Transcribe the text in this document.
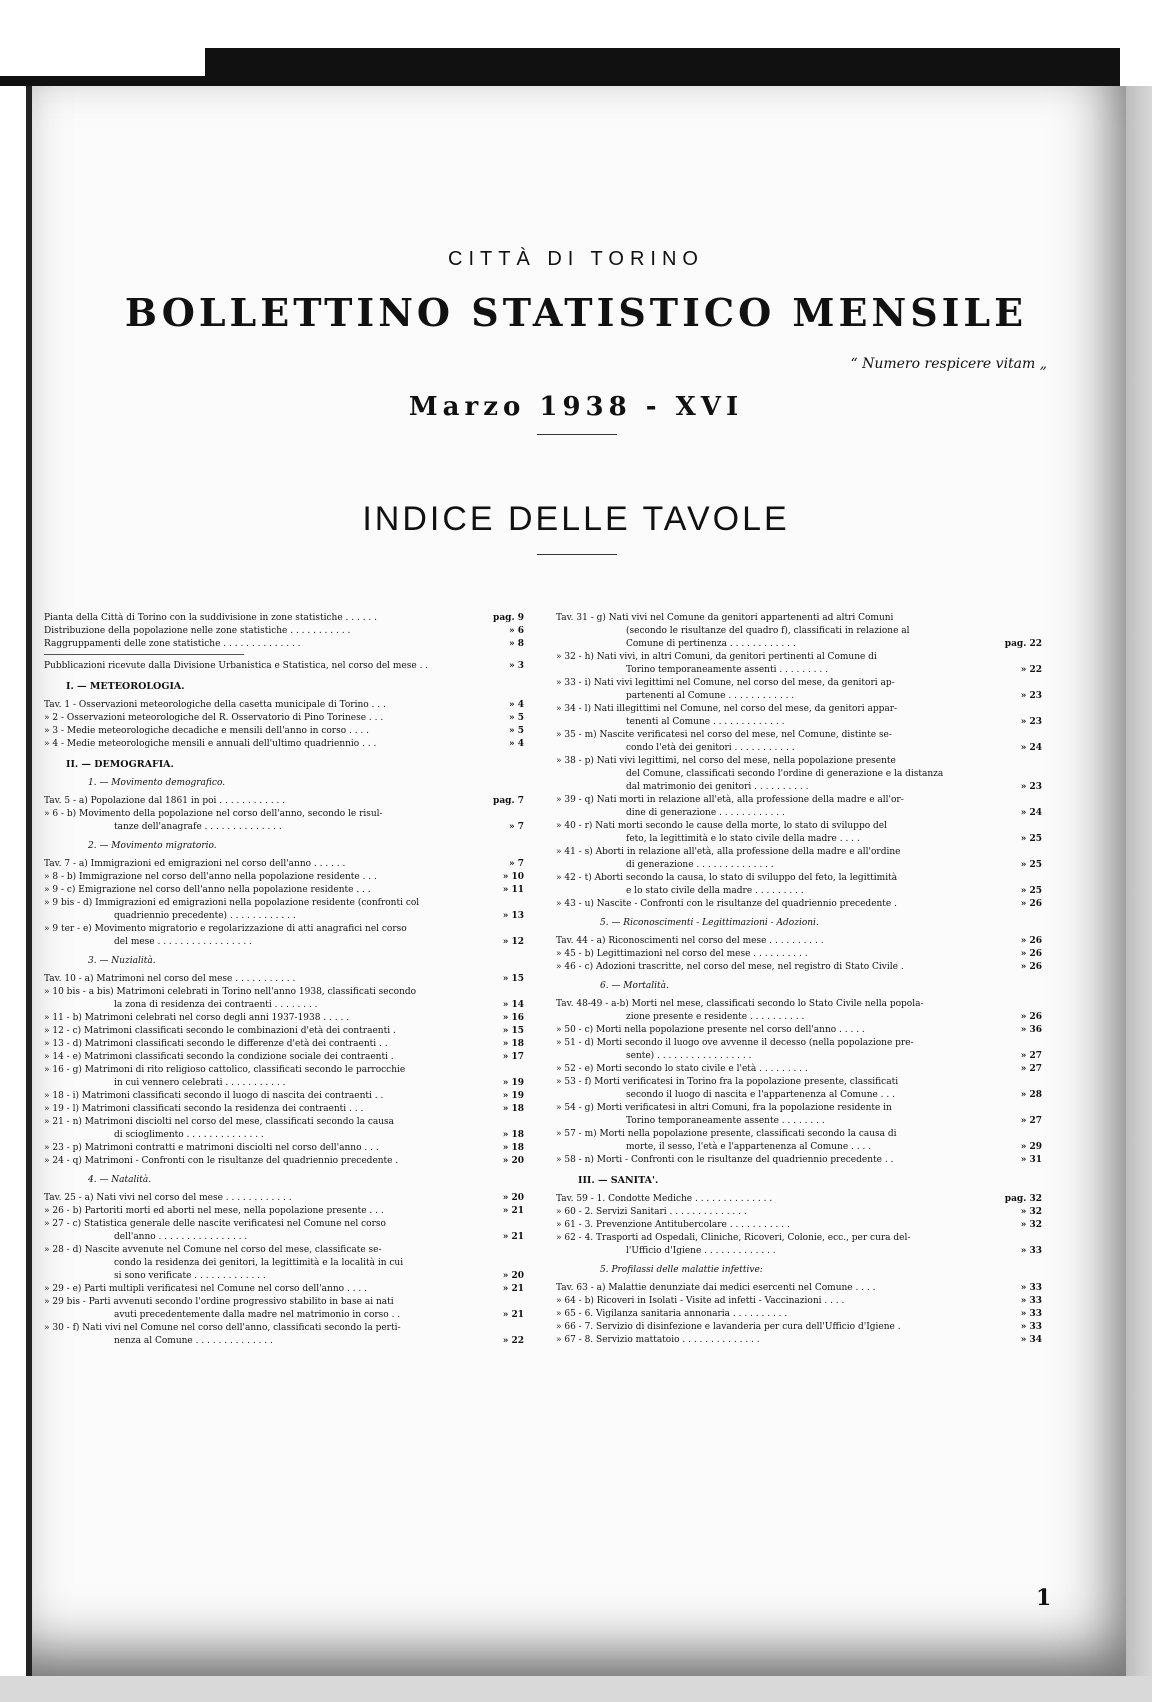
CITTÀ DI TORINO
BOLLETTINO STATISTICO MENSILE
“ Numero respicere vitam „
Marzo 1938 - XVI
INDICE DELLE TAVOLE
Pianta della Città di Torino con la suddivisione in zone statistiche . . . . . .	pag. 9
Distribuzione della popolazione nelle zone statistiche . . . . . . . . . . .	» 6
Raggruppamenti delle zone statistiche . . . . . . . . . . . . . .	» 8
Pubblicazioni ricevute dalla Divisione Urbanistica e Statistica, nel corso del mese . .	» 3
I. — METEOROLOGIA.
Tav. 1 - Osservazioni meteorologiche della casetta municipale di Torino . . .	» 4
» 2 - Osservazioni meteorologiche del R. Osservatorio di Pino Torinese . . .	» 5
» 3 - Medie meteorologiche decadiche e mensili dell'anno in corso . . . .	» 5
» 4 - Medie meteorologiche mensili e annuali dell'ultimo quadriennio . . .	» 4
II. — DEMOGRAFIA.
1. — Movimento demografico.
Tav. 5 - a) Popolazione dal 1861 in poi . . . . . . . . . . . .	pag. 7
» 6 - b) Movimento della popolazione nel corso dell'anno, secondo le risul-
tanze dell'anagrafe . . . . . . . . . . . . . .	» 7
2. — Movimento migratorio.
Tav. 7 - a) Immigrazioni ed emigrazioni nel corso dell'anno . . . . . .	» 7
» 8 - b) Immigrazione nel corso dell'anno nella popolazione residente . . .	» 10
» 9 - c) Emigrazione nel corso dell'anno nella popolazione residente . . .	» 11
» 9 bis - d) Immigrazioni ed emigrazioni nella popolazione residente (confronti col
quadriennio precedente) . . . . . . . . . . . .	» 13
» 9 ter - e) Movimento migratorio e regolarizzazione di atti anagrafici nel corso
del mese . . . . . . . . . . . . . . . . .	» 12
3. — Nuzialità.
Tav. 10 - a) Matrimoni nel corso del mese . . . . . . . . . . .	» 15
» 10 bis - a bis) Matrimoni celebrati in Torino nell'anno 1938, classificati secondo
la zona di residenza dei contraenti . . . . . . . .	» 14
» 11 - b) Matrimoni celebrati nel corso degli anni 1937-1938 . . . . .	» 16
» 12 - c) Matrimoni classificati secondo le combinazioni d'età dei contraenti .	» 15
» 13 - d) Matrimoni classificati secondo le differenze d'età dei contraenti . .	» 18
» 14 - e) Matrimoni classificati secondo la condizione sociale dei contraenti .	» 17
» 16 - g) Matrimoni di rito religioso cattolico, classificati secondo le parrocchie
in cui vennero celebrati . . . . . . . . . . .	» 19
» 18 - i) Matrimoni classificati secondo il luogo di nascita dei contraenti . .	» 19
» 19 - l) Matrimoni classificati secondo la residenza dei contraenti . . .	» 18
» 21 - n) Matrimoni disciolti nel corso del mese, classificati secondo la causa
di scioglimento . . . . . . . . . . . . . .	» 18
» 23 - p) Matrimoni contratti e matrimoni disciolti nel corso dell'anno . . .	» 18
» 24 - q) Matrimoni - Confronti con le risultanze del quadriennio precedente .	» 20
4. — Natalità.
Tav. 25 - a) Nati vivi nel corso del mese . . . . . . . . . . . .	» 20
» 26 - b) Partoriti morti ed aborti nel mese, nella popolazione presente . . .	» 21
» 27 - c) Statistica generale delle nascite verificatesi nel Comune nel corso
dell'anno . . . . . . . . . . . . . . . .	» 21
» 28 - d) Nascite avvenute nel Comune nel corso del mese, classificate se-
condo la residenza dei genitori, la legittimità e la località in cui
si sono verificate . . . . . . . . . . . . .	» 20
» 29 - e) Parti multipli verificatesi nel Comune nel corso dell'anno . . . .	» 21
» 29 bis - Parti avvenuti secondo l'ordine progressivo stabilito in base ai nati
avuti precedentemente dalla madre nel matrimonio in corso . .	» 21
» 30 - f) Nati vivi nel Comune nel corso dell'anno, classificati secondo la perti-
nenza al Comune . . . . . . . . . . . . . .	» 22
Tav. 31 - g) Nati vivi nel Comune da genitori appartenenti ad altri Comuni
(secondo le risultanze del quadro f), classificati in relazione al
Comune di pertinenza . . . . . . . . . . . .	pag. 22
» 32 - h) Nati vivi, in altri Comuni, da genitori pertinenti al Comune di
Torino temporaneamente assenti . . . . . . . . .	» 22
» 33 - i) Nati vivi legittimi nel Comune, nel corso del mese, da genitori ap-
partenenti al Comune . . . . . . . . . . . .	» 23
» 34 - l) Nati illegittimi nel Comune, nel corso del mese, da genitori appar-
tenenti al Comune . . . . . . . . . . . . .	» 23
» 35 - m) Nascite verificatesi nel corso del mese, nel Comune, distinte se-
condo l'età dei genitori . . . . . . . . . . .	» 24
» 38 - p) Nati vivi legittimi, nel corso del mese, nella popolazione presente
del Comune, classificati secondo l'ordine di generazione e la distanza
dal matrimonio dei genitori . . . . . . . . . .	» 23
» 39 - q) Nati morti in relazione all'età, alla professione della madre e all'or-
dine di generazione . . . . . . . . . . . .	» 24
» 40 - r) Nati morti secondo le cause della morte, lo stato di sviluppo del
feto, la legittimità e lo stato civile della madre . . . .	» 25
» 41 - s) Aborti in relazione all'età, alla professione della madre e all'ordine
di generazione . . . . . . . . . . . . . .	» 25
» 42 - t) Aborti secondo la causa, lo stato di sviluppo del feto, la legittimità
e lo stato civile della madre . . . . . . . . .	» 25
» 43 - u) Nascite - Confronti con le risultanze del quadriennio precedente .	» 26
5. — Riconoscimenti - Legittimazioni - Adozioni.
Tav. 44 - a) Riconoscimenti nel corso del mese . . . . . . . . . .	» 26
» 45 - b) Legittimazioni nel corso del mese . . . . . . . . . .	» 26
» 46 - c) Adozioni trascritte, nel corso del mese, nel registro di Stato Civile .	» 26
6. — Mortalità.
Tav. 48-49 - a-b) Morti nel mese, classificati secondo lo Stato Civile nella popola-
zione presente e residente . . . . . . . . . .	» 26
» 50 - c) Morti nella popolazione presente nel corso dell'anno . . . . .	» 36
» 51 - d) Morti secondo il luogo ove avvenne il decesso (nella popolazione pre-
sente) . . . . . . . . . . . . . . . . .	» 27
» 52 - e) Morti secondo lo stato civile e l'età . . . . . . . . .	» 27
» 53 - f) Morti verificatesi in Torino fra la popolazione presente, classificati
secondo il luogo di nascita e l'appartenenza al Comune . . .	» 28
» 54 - g) Morti verificatesi in altri Comuni, fra la popolazione residente in
Torino temporaneamente assente . . . . . . . .	» 27
» 57 - m) Morti nella popolazione presente, classificati secondo la causa di
morte, il sesso, l'età e l'appartenenza al Comune . . . .	» 29
» 58 - n) Morti - Confronti con le risultanze del quadriennio precedente . .	» 31
III. — SANITA'.
Tav. 59 - 1. Condotte Mediche . . . . . . . . . . . . . .	pag. 32
» 60 - 2. Servizi Sanitari . . . . . . . . . . . . . .	» 32
» 61 - 3. Prevenzione Antitubercolare . . . . . . . . . . .	» 32
» 62 - 4. Trasporti ad Ospedali, Cliniche, Ricoveri, Colonie, ecc., per cura del-
l'Ufficio d'Igiene . . . . . . . . . . . . .	» 33
5. Profilassi delle malattie infettive:
Tav. 63 - a) Malattie denunziate dai medici esercenti nel Comune . . . .	» 33
» 64 - b) Ricoveri in Isolati - Visite ad infetti - Vaccinazioni . . . .	» 33
» 65 - 6. Vigilanza sanitaria annonaria . . . . . . . . . .	» 33
» 66 - 7. Servizio di disinfezione e lavanderia per cura dell'Ufficio d'Igiene .	» 33
» 67 - 8. Servizio mattatoio . . . . . . . . . . . . . .	» 34
1
